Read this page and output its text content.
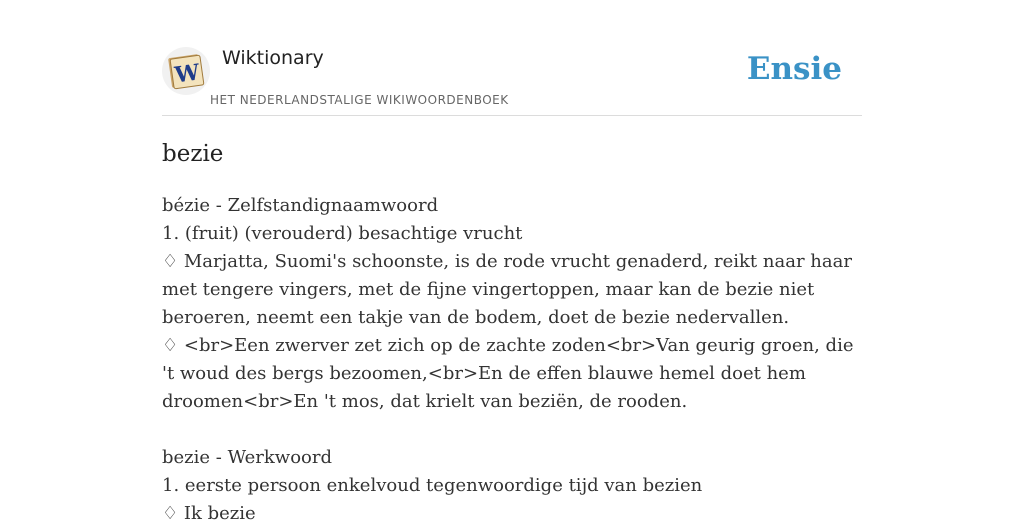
W
Wiktionary
HET NEDERLANDSTALIGE WIKIWOORDENBOEK
Ensie
bezie
bézie - Zelfstandignaamwoord
1. (fruit) (verouderd) besachtige vrucht
♢ Marjatta, Suomi's schoonste, is de rode vrucht genaderd, reikt naar haar met tengere vingers, met de fijne vingertoppen, maar kan de bezie niet beroeren, neemt een takje van de bodem, doet de bezie nedervallen.
♢ <br>Een zwerver zet zich op de zachte zoden<br>Van geurig groen, die 't woud des bergs bezoomen,<br>En de effen blauwe hemel doet hem droomen<br>En 't mos, dat krielt van beziën, de rooden.
bezie - Werkwoord
1. eerste persoon enkelvoud tegenwoordige tijd van bezien
♢ Ik bezie
